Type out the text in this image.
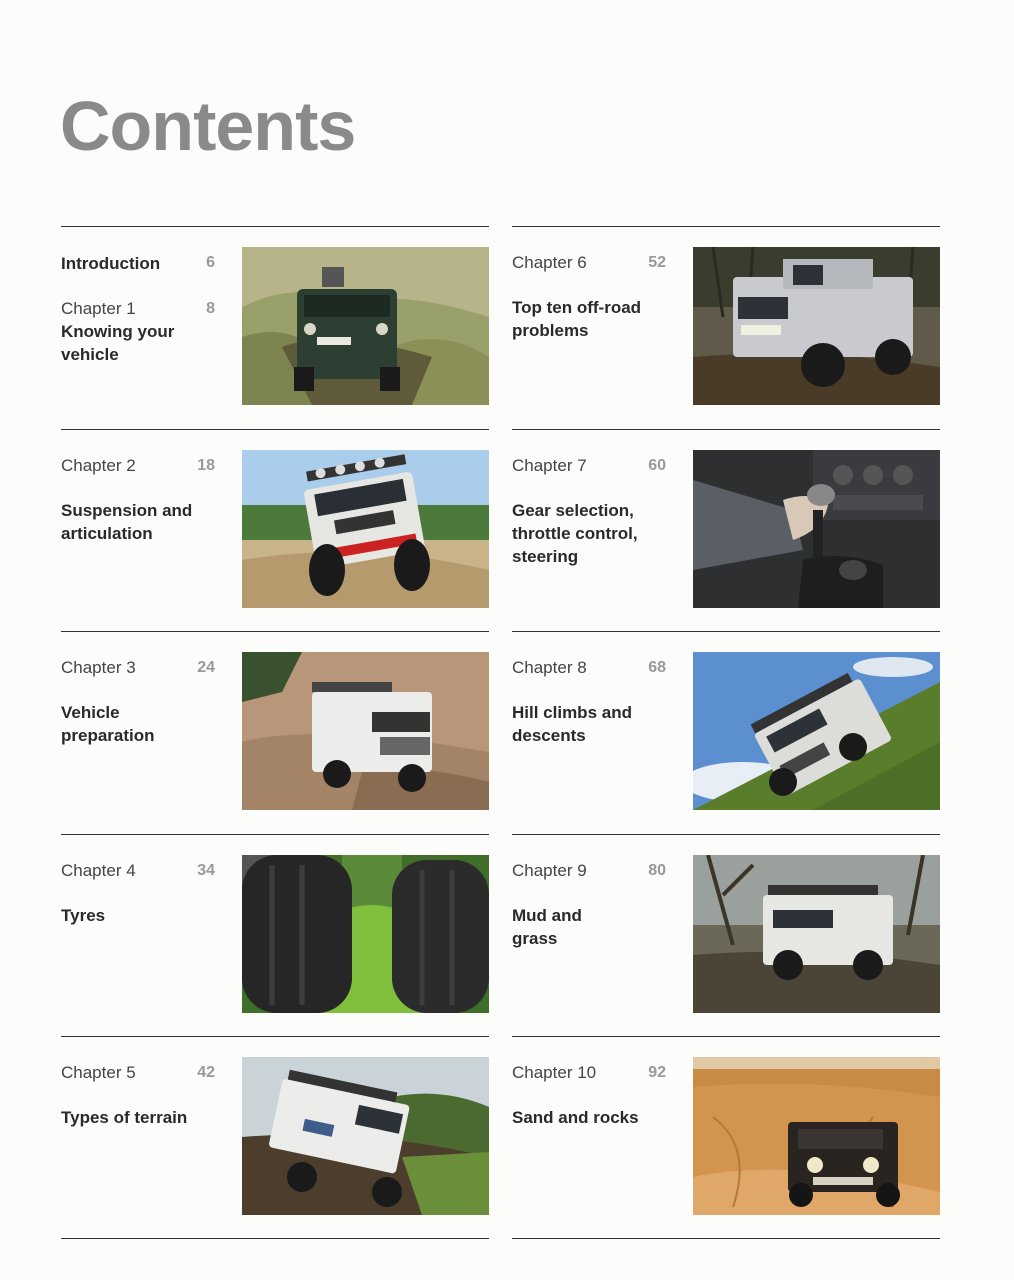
Contents
Introduction	6
Chapter 1	8
Knowing your vehicle
Chapter 2	18
Suspension and articulation
Chapter 3	24
Vehicle preparation
Chapter 4	34
Tyres
Chapter 5	42
Types of terrain
Chapter 6	52
Top ten off-road problems
Chapter 7	60
Gear selection, throttle control, steering
Chapter 8	68
Hill climbs and descents
Chapter 9	80
Mud and grass
Chapter 10	92
Sand and rocks
